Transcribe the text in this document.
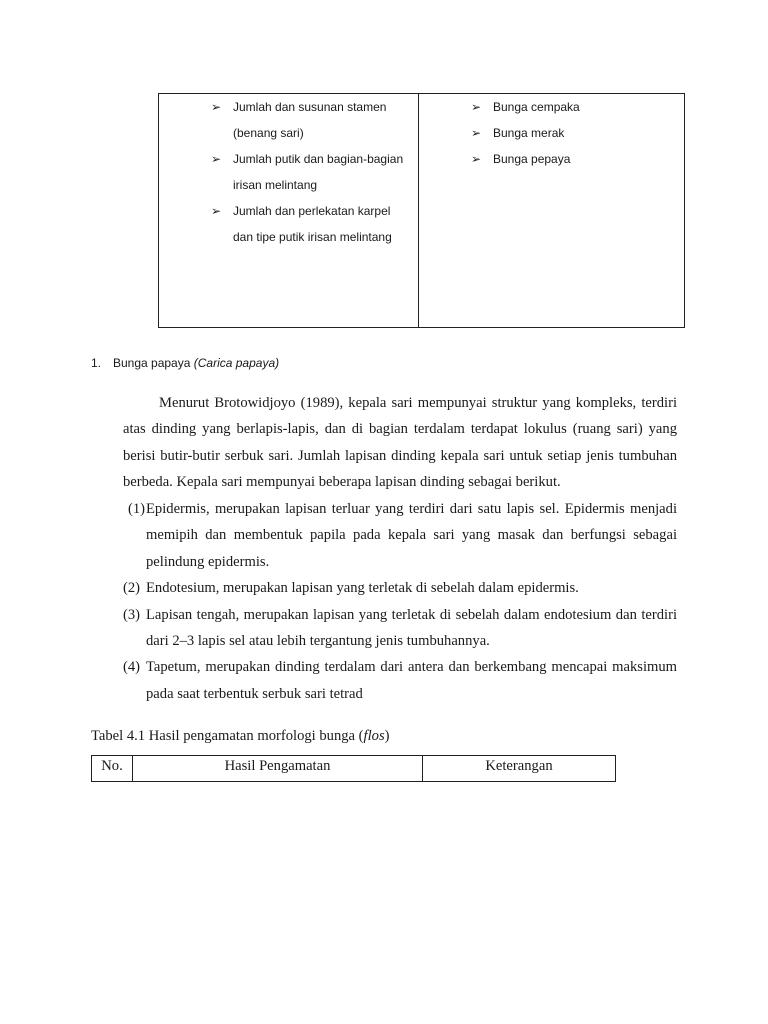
➢ Jumlah dan susunan stamen (benang sari)
➢ Jumlah putik dan bagian-bagian irisan melintang
➢ Jumlah dan perlekatan karpel dan tipe putik irisan melintang
➢ Bunga cempaka
➢ Bunga merak
➢ Bunga pepaya
1. Bunga papaya (Carica papaya)

Menurut Brotowidjoyo (1989), kepala sari mempunyai struktur yang kompleks, terdiri atas dinding yang berlapis-lapis, dan di bagian terdalam terdapat lokulus (ruang sari) yang berisi butir-butir serbuk sari. Jumlah lapisan dinding kepala sari untuk setiap jenis tumbuhan berbeda. Kepala sari mempunyai beberapa lapisan dinding sebagai berikut.

(1) Epidermis, merupakan lapisan terluar yang terdiri dari satu lapis sel. Epidermis menjadi memipih dan membentuk papila pada kepala sari yang masak dan berfungsi sebagai pelindung epidermis.
(2) Endotesium, merupakan lapisan yang terletak di sebelah dalam epidermis.
(3) Lapisan tengah, merupakan lapisan yang terletak di sebelah dalam endotesium dan terdiri dari 2–3 lapis sel atau lebih tergantung jenis tumbuhannya.
(4) Tapetum, merupakan dinding terdalam dari antera dan berkembang mencapai maksimum pada saat terbentuk serbuk sari tetrad
Tabel 4.1 Hasil pengamatan morfologi bunga (flos)
No.	Hasil Pengamatan	Keterangan
